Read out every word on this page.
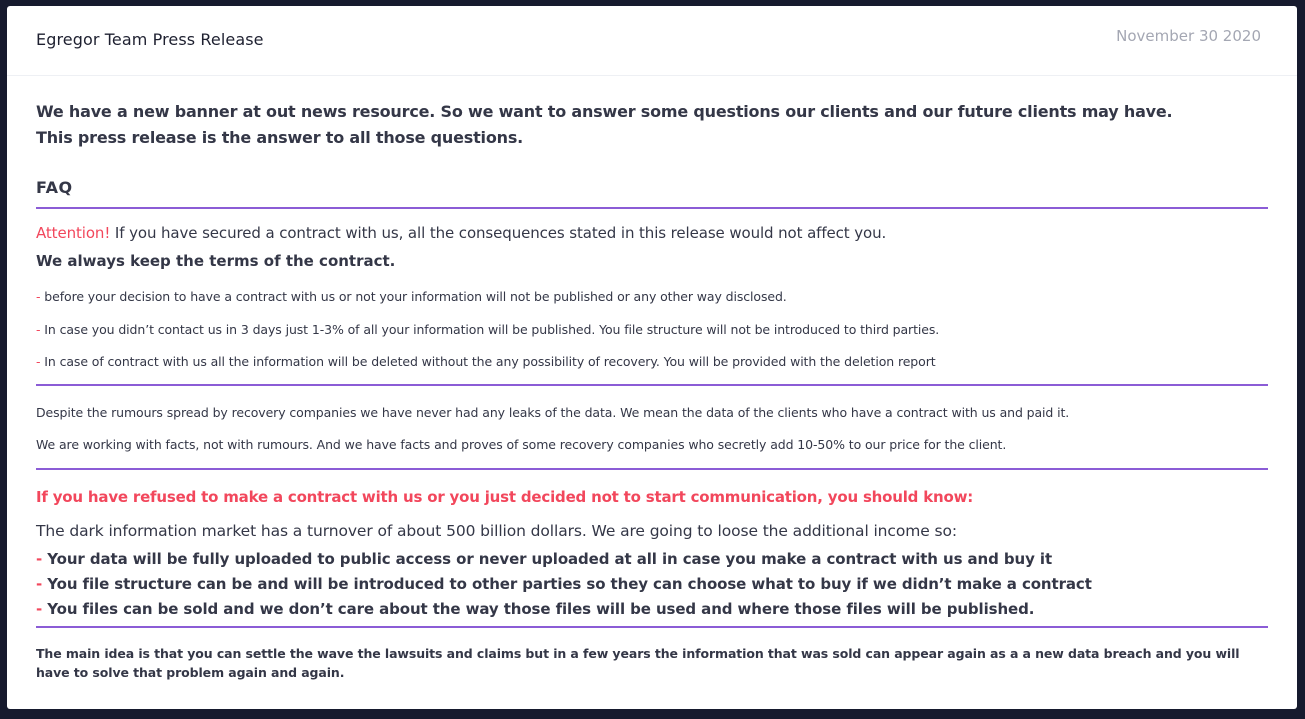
Egregor Team Press Release	November 30 2020
We have a new banner at out news resource. So we want to answer some questions our clients and our future clients may have.
This press release is the answer to all those questions.
FAQ
Attention! If you have secured a contract with us, all the consequences stated in this release would not affect you.
We always keep the terms of the contract.
- before your decision to have a contract with us or not your information will not be published or any other way disclosed.
- In case you didn’t contact us in 3 days just 1-3% of all your information will be published. You file structure will not be introduced to third parties.
- In case of contract with us all the information will be deleted without the any possibility of recovery. You will be provided with the deletion report
Despite the rumours spread by recovery companies we have never had any leaks of the data. We mean the data of the clients who have a contract with us and paid it.
We are working with facts, not with rumours. And we have facts and proves of some recovery companies who secretly add 10-50% to our price for the client.
If you have refused to make a contract with us or you just decided not to start communication, you should know:
The dark information market has a turnover of about 500 billion dollars. We are going to loose the additional income so:
- Your data will be fully uploaded to public access or never uploaded at all in case you make a contract with us and buy it
- You file structure can be and will be introduced to other parties so they can choose what to buy if we didn’t make a contract
- You files can be sold and we don’t care about the way those files will be used and where those files will be published.
The main idea is that you can settle the wave the lawsuits and claims but in a few years the information that was sold can appear again as a a new data breach and you will have to solve that problem again and again.
